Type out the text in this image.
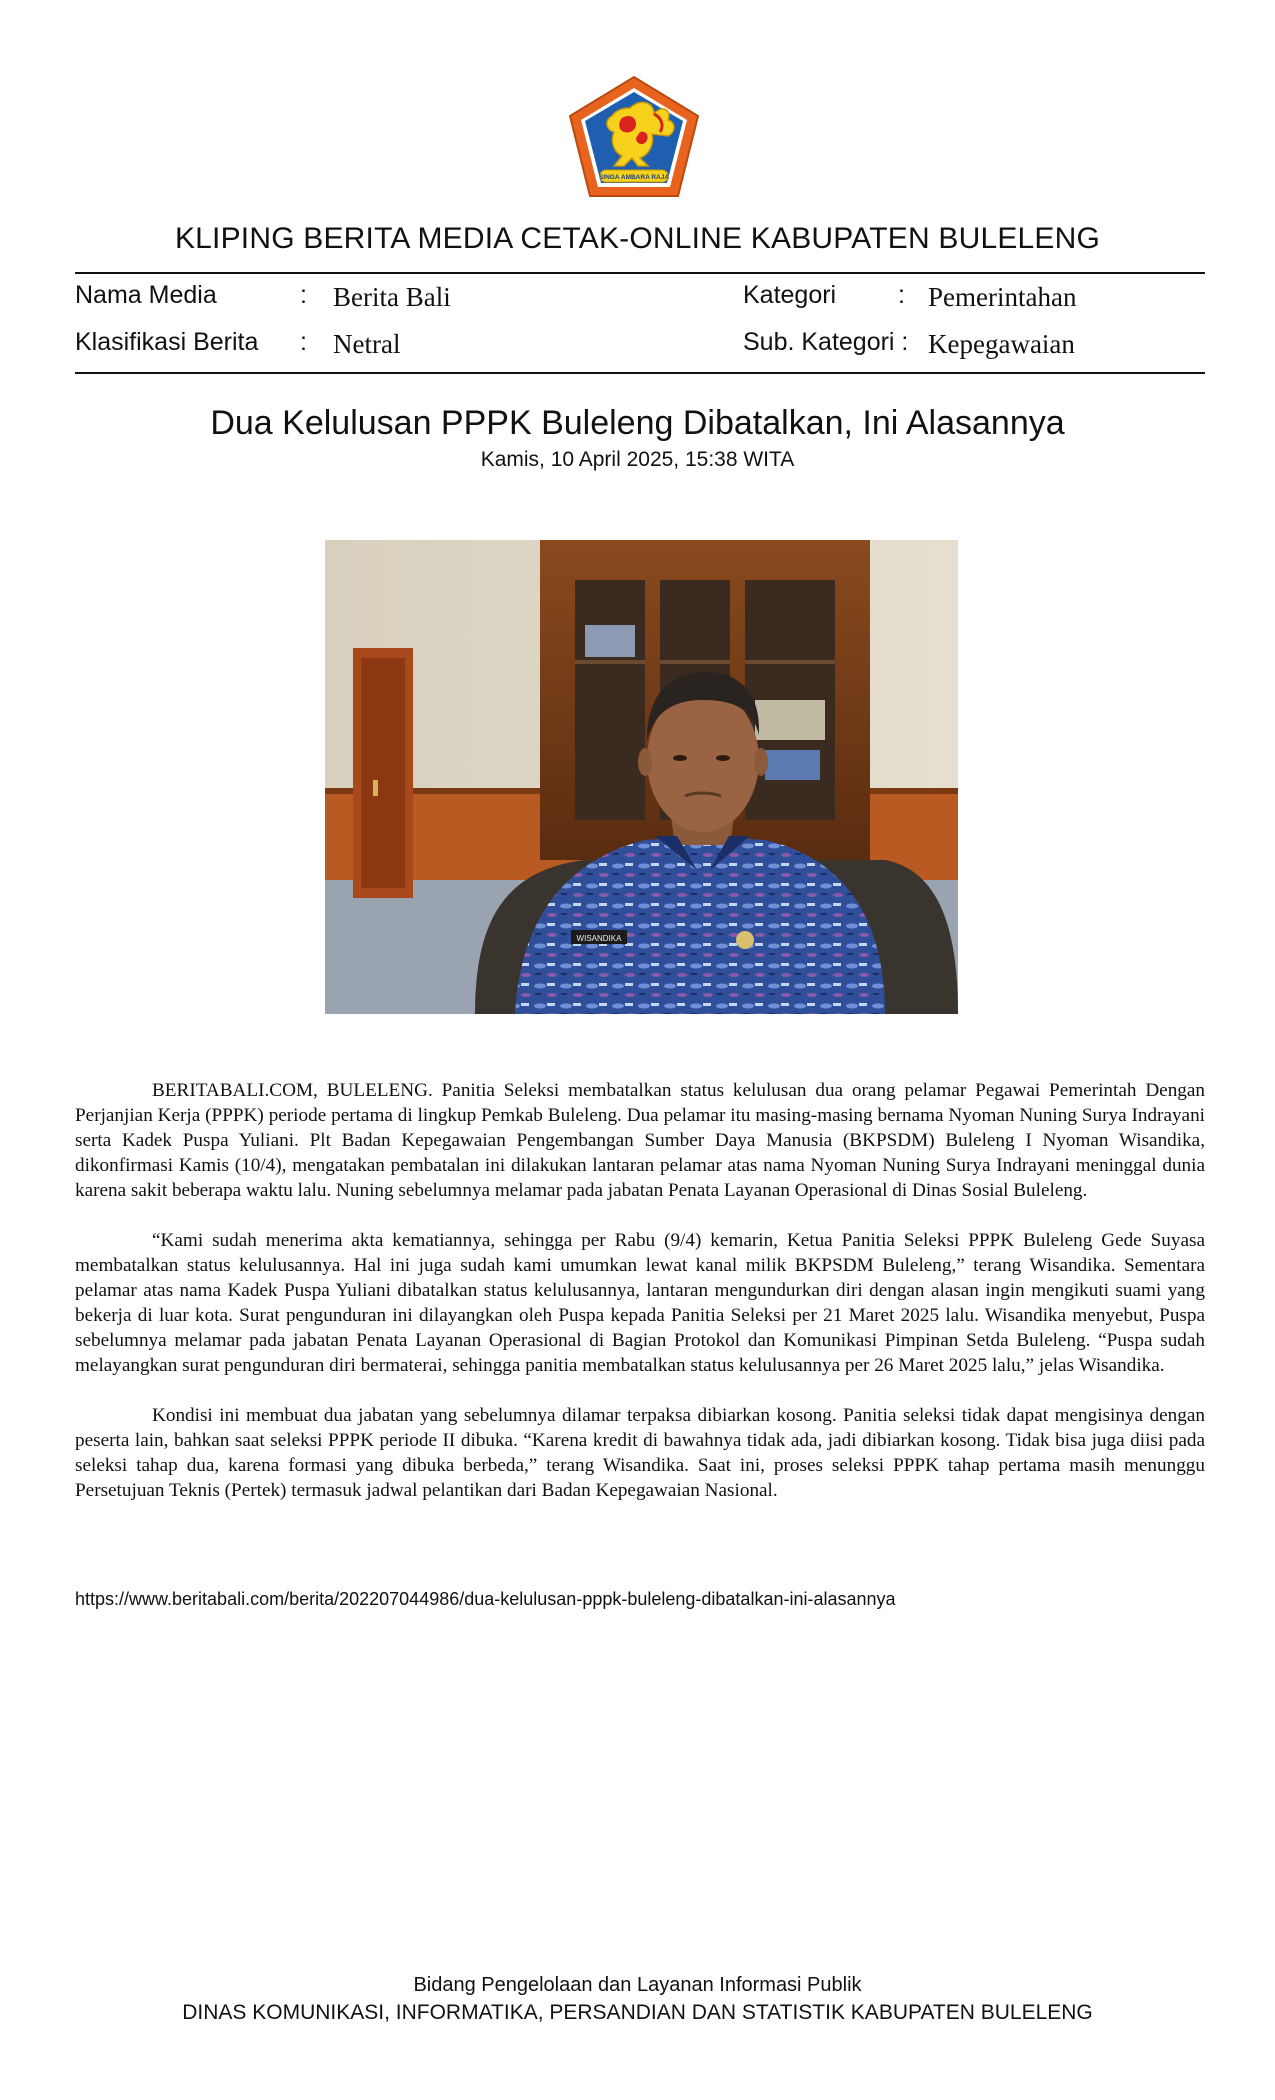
SINGA AMBARA RAJA
KLIPING BERITA MEDIA CETAK-ONLINE KABUPATEN BULELENG
Nama Media	: Berita Bali
Klasifikasi Berita : Netral
Kategori : Pemerintahan
Sub. Kategori : Kepegawaian
Dua Kelulusan PPPK Buleleng Dibatalkan, Ini Alasannya
Kamis, 10 April 2025, 15:38 WITA
WISANDIKA

BERITABALI.COM, BULELENG. Panitia Seleksi membatalkan status kelulusan dua orang pelamar Pegawai Pemerintah Dengan Perjanjian Kerja (PPPK) periode pertama di lingkup Pemkab Buleleng. Dua pelamar itu masing-masing bernama Nyoman Nuning Surya Indrayani serta Kadek Puspa Yuliani. Plt Badan Kepegawaian Pengembangan Sumber Daya Manusia (BKPSDM) Buleleng I Nyoman Wisandika, dikonfirmasi Kamis (10/4), mengatakan pembatalan ini dilakukan lantaran pelamar atas nama Nyoman Nuning Surya Indrayani meninggal dunia karena sakit beberapa waktu lalu. Nuning sebelumnya melamar pada jabatan Penata Layanan Operasional di Dinas Sosial Buleleng.

“Kami sudah menerima akta kematiannya, sehingga per Rabu (9/4) kemarin, Ketua Panitia Seleksi PPPK Buleleng Gede Suyasa membatalkan status kelulusannya. Hal ini juga sudah kami umumkan lewat kanal milik BKPSDM Buleleng,” terang Wisandika. Sementara pelamar atas nama Kadek Puspa Yuliani dibatalkan status kelulusannya, lantaran mengundurkan diri dengan alasan ingin mengikuti suami yang bekerja di luar kota. Surat pengunduran ini dilayangkan oleh Puspa kepada Panitia Seleksi per 21 Maret 2025 lalu. Wisandika menyebut, Puspa sebelumnya melamar pada jabatan Penata Layanan Operasional di Bagian Protokol dan Komunikasi Pimpinan Setda Buleleng. “Puspa sudah melayangkan surat pengunduran diri bermaterai, sehingga panitia membatalkan status kelulusannya per 26 Maret 2025 lalu,” jelas Wisandika.

Kondisi ini membuat dua jabatan yang sebelumnya dilamar terpaksa dibiarkan kosong. Panitia seleksi tidak dapat mengisinya dengan peserta lain, bahkan saat seleksi PPPK periode II dibuka. “Karena kredit di bawahnya tidak ada, jadi dibiarkan kosong. Tidak bisa juga diisi pada seleksi tahap dua, karena formasi yang dibuka berbeda,” terang Wisandika. Saat ini, proses seleksi PPPK tahap pertama masih menunggu Persetujuan Teknis (Pertek) termasuk jadwal pelantikan dari Badan Kepegawaian Nasional.

https://www.beritabali.com/berita/202207044986/dua-kelulusan-pppk-buleleng-dibatalkan-ini-alasannya
Bidang Pengelolaan dan Layanan Informasi Publik
DINAS KOMUNIKASI, INFORMATIKA, PERSANDIAN DAN STATISTIK KABUPATEN BULELENG
